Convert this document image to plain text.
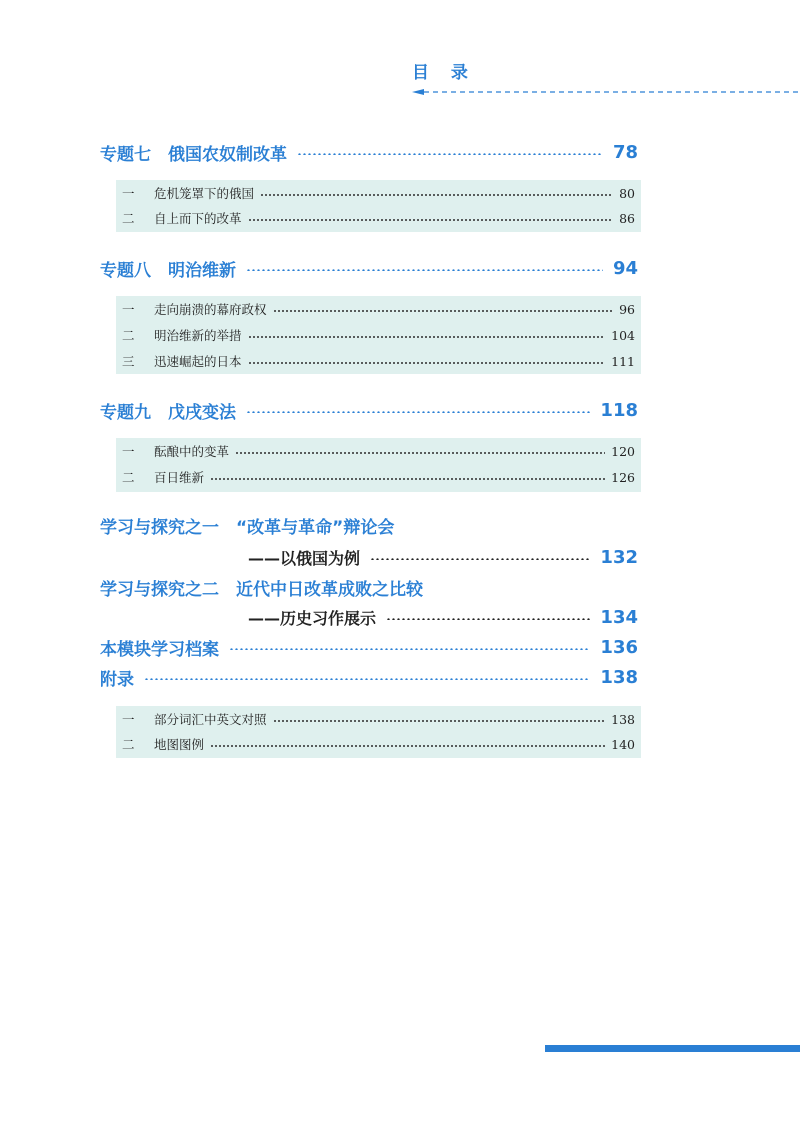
目 录
专题七　俄国农奴制改革	78
一	危机笼罩下的俄国	80
二	自上而下的改革	86
专题八　明治维新	94
一	走向崩溃的幕府政权	96
二	明治维新的举措	104
三	迅速崛起的日本	111
专题九　戊戌变法	118
一	酝酿中的变革	120
二	百日维新	126
学习与探究之一　“改革与革命”辩论会
——以俄国为例	132
学习与探究之二　近代中日改革成败之比较
——历史习作展示	134
本模块学习档案	136
附录	138
一	部分词汇中英文对照	138
二	地图图例	140
